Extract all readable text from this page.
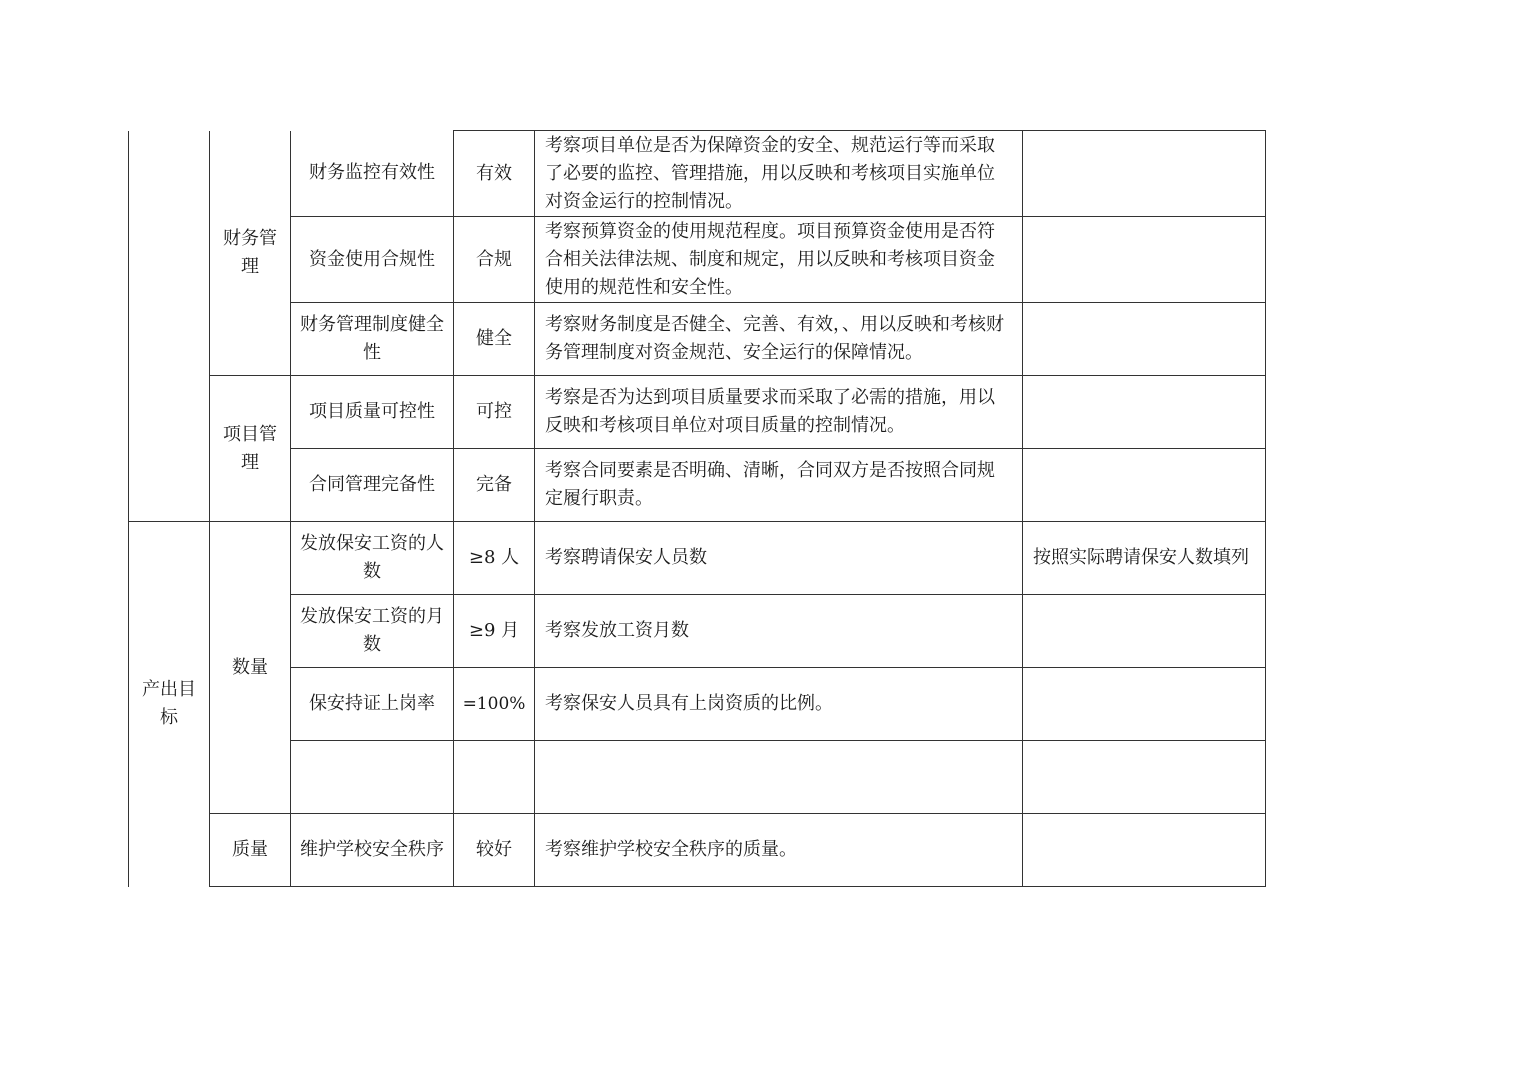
	财务管理	财务监控有效性	有效	考察项目单位是否为保障资金的安全、规范运行等而采取了必要的监控、管理措施，用以反映和考核项目实施单位对资金运行的控制情况。	
		资金使用合规性	合规	考察预算资金的使用规范程度。项目预算资金使用是否符合相关法律法规、制度和规定，用以反映和考核项目资金使用的规范性和安全性。	
		财务管理制度健全性	健全	考察财务制度是否健全、完善、有效，、用以反映和考核财务管理制度对资金规范、安全运行的保障情况。	
	项目管理	项目质量可控性	可控	考察是否为达到项目质量要求而采取了必需的措施，用以反映和考核项目单位对项目质量的控制情况。	
		合同管理完备性	完备	考察合同要素是否明确、清晰，合同双方是否按照合同规定履行职责。	
产出目标	数量	发放保安工资的人数	≥8 人	考察聘请保安人员数	按照实际聘请保安人数填列
		发放保安工资的月数	≥9 月	考察发放工资月数	
		保安持证上岗率	=100%	考察保安人员具有上岗资质的比例。	

	质量	维护学校安全秩序	较好	考察维护学校安全秩序的质量。	
